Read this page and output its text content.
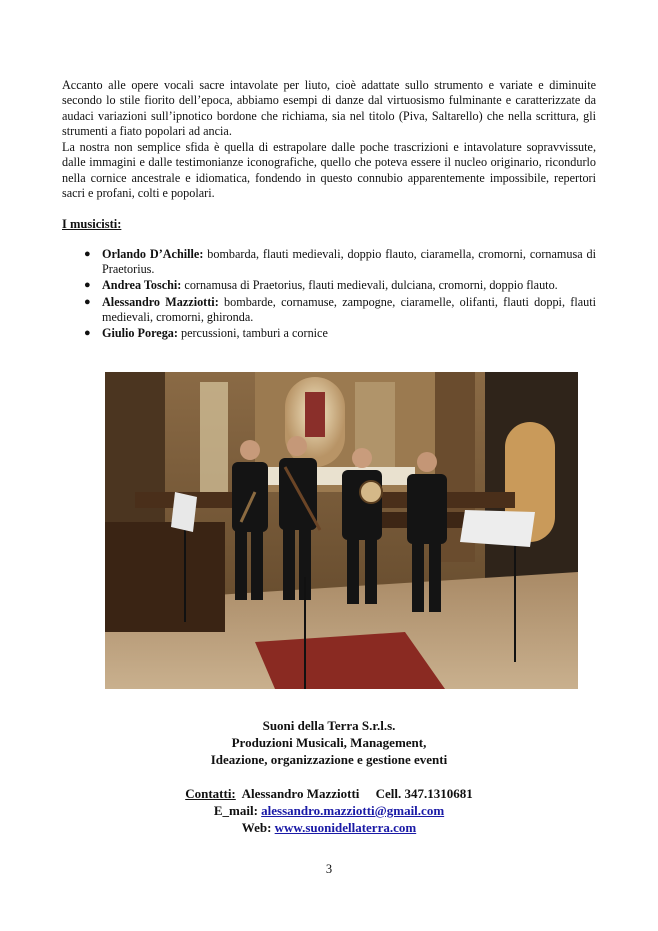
Accanto alle opere vocali sacre intavolate per liuto, cioè adattate sullo strumento e variate e diminuite secondo lo stile fiorito dell’epoca, abbiamo esempi di danze dal virtuosismo fulminante e caratterizzate da audaci variazioni sull’ipnotico bordone che richiama, sia nel titolo (Piva, Saltarello) che nella scrittura, gli strumenti a fiato popolari ad ancia.

La nostra non semplice sfida è quella di estrapolare dalle poche trascrizioni e intavolature sopravvissute, dalle immagini e dalle testimonianze iconografiche, quello che poteva essere il nucleo originario, ricondurlo nella cornice ancestrale e idiomatica, fondendo in questo connubio apparentemente impossibile, repertori sacri e profani, colti e popolari.

I musicisti:

● Orlando D’Achille: bombarda, flauti medievali, doppio flauto, ciaramella, cromorni, cornamusa di Praetorius.
● Andrea Toschi: cornamusa di Praetorius, flauti medievali, dulciana, cromorni, doppio flauto.
● Alessandro Mazziotti: bombarde, cornamuse, zampogne, ciaramelle, olifanti, flauti doppi, flauti medievali, cromorni, ghironda.
● Giulio Porega: percussioni, tamburi a cornice
Suoni della Terra S.r.l.s.
Produzioni Musicali, Management,
Ideazione, organizzazione e gestione eventi
Contatti: Alessandro Mazziotti Cell. 347.1310681
E_mail: alessandro.mazziotti@gmail.com
Web: www.suonidellaterra.com
3
